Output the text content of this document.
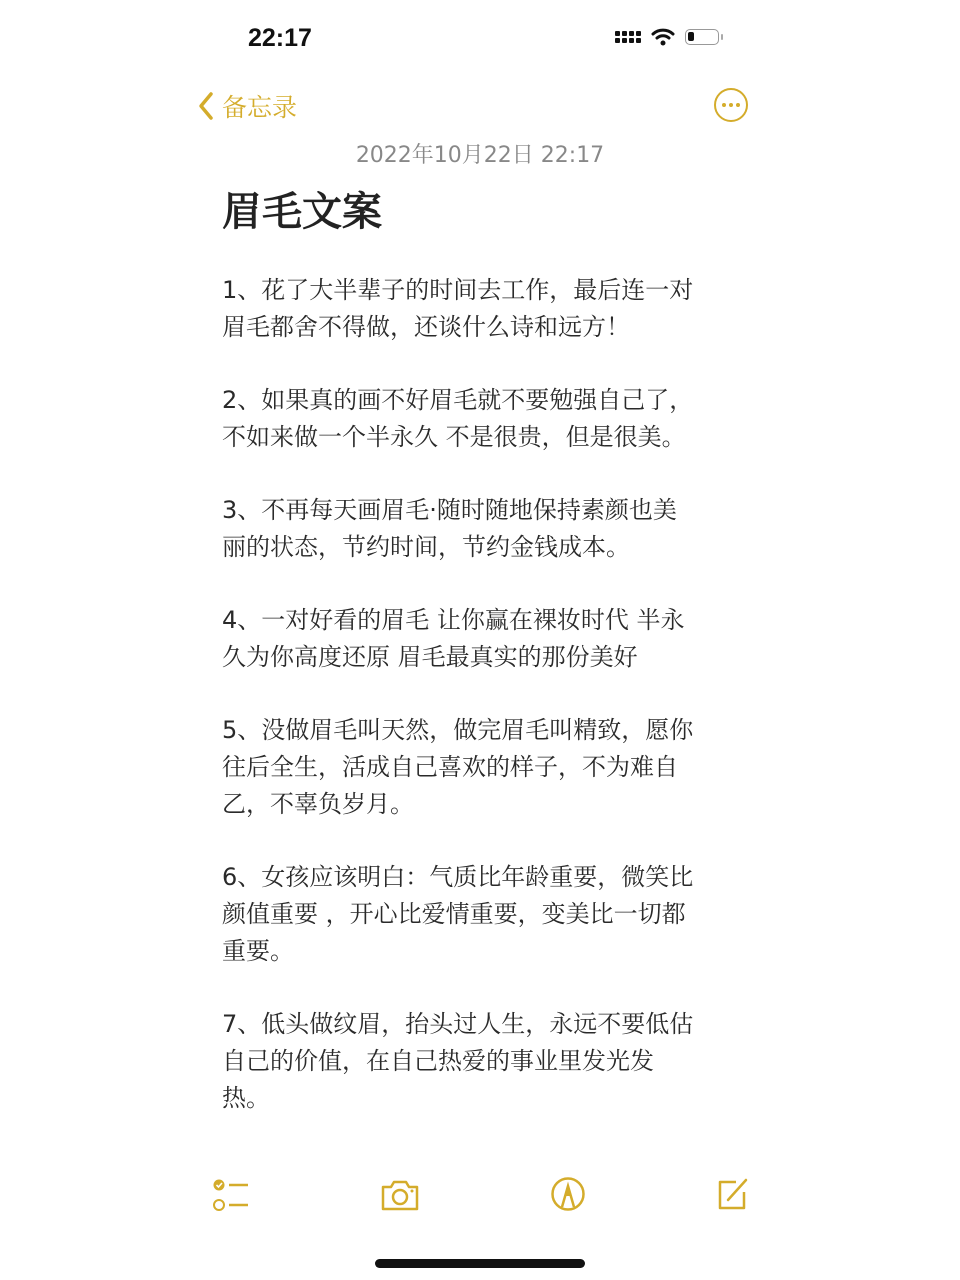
22:17
备忘录
2022年10月22日 22:17
眉毛文案
1、花了大半辈子的时间去工作，最后连一对
眉毛都舍不得做，还谈什么诗和远方！
2、如果真的画不好眉毛就不要勉强自己了，
不如来做一个半永久 不是很贵，但是很美。
3、不再每天画眉毛·随时随地保持素颜也美
丽的状态，节约时间，节约金钱成本。
4、一对好看的眉毛 让你赢在裸妆时代 半永
久为你高度还原 眉毛最真实的那份美好
5、没做眉毛叫天然，做完眉毛叫精致，愿你
往后全生，活成自己喜欢的样子，不为难自
乙，不辜负岁月。
6、女孩应该明白：气质比年龄重要，微笑比
颜值重要 ，开心比爱情重要，变美比一切都
重要。
7、低头做纹眉，抬头过人生，永远不要低估
自己的价值，在自己热爱的事业里发光发
热。
